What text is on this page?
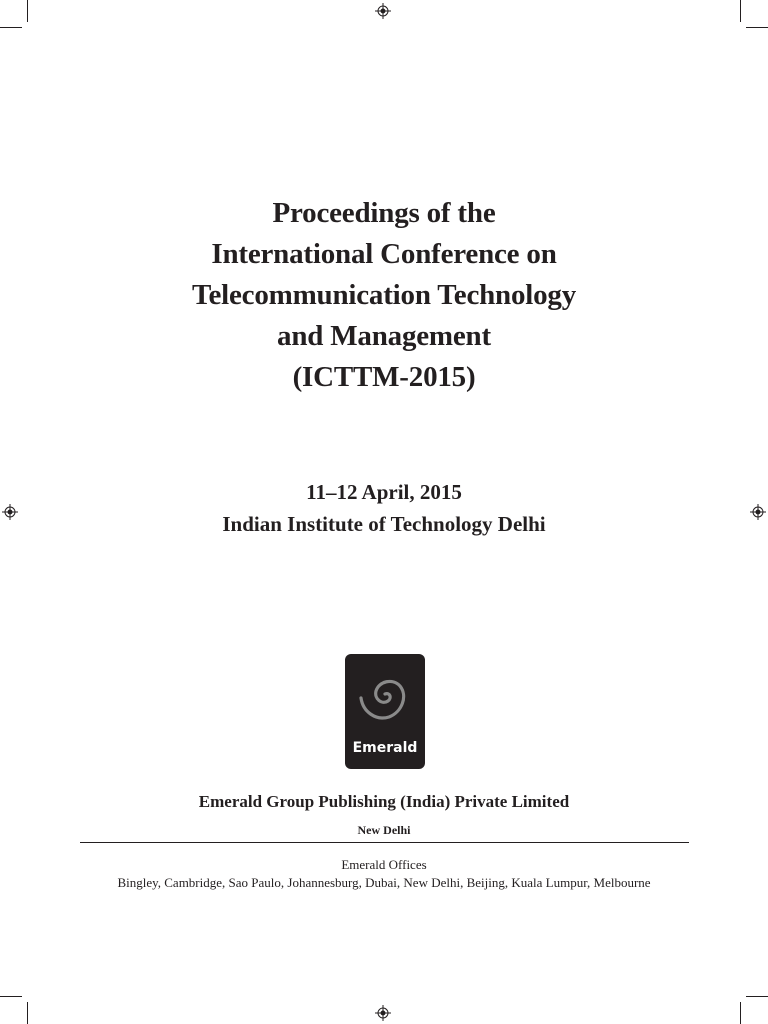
Proceedings of the
International Conference on
Telecommunication Technology
and Management
(ICTTM-2015)
11–12 April, 2015
Indian Institute of Technology Delhi
Emerald
Emerald Group Publishing (India) Private Limited
New Delhi
Emerald Offices
Bingley, Cambridge, Sao Paulo, Johannesburg, Dubai, New Delhi, Beijing, Kuala Lumpur, Melbourne
